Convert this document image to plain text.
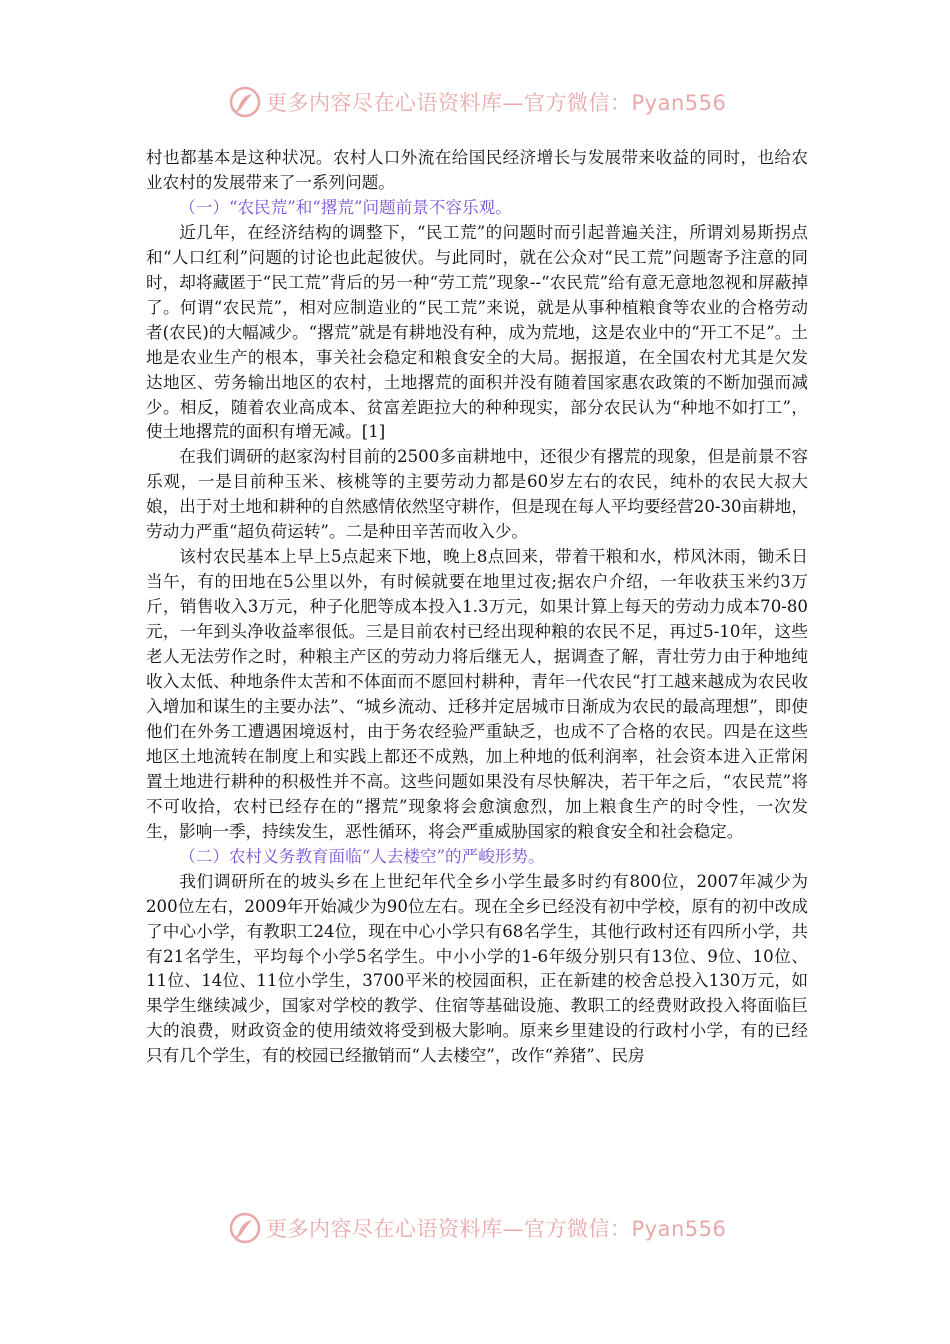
更多内容尽在心语资料库—官方微信：Pyan556

村也都基本是这种状况。农村人口外流在给国民经济增长与发展带来收益的同时，也给农业农村的发展带来了一系列问题。

（一）“农民荒”和“撂荒”问题前景不容乐观。

近几年，在经济结构的调整下，“民工荒”的问题时而引起普遍关注，所谓刘易斯拐点和“人口红利”问题的讨论也此起彼伏。与此同时，就在公众对“民工荒”问题寄予注意的同时，却将藏匿于“民工荒”背后的另一种“劳工荒”现象--“农民荒”给有意无意地忽视和屏蔽掉了。何谓“农民荒”，相对应制造业的“民工荒”来说，就是从事种植粮食等农业的合格劳动者(农民)的大幅减少。“撂荒”就是有耕地没有种，成为荒地，这是农业中的“开工不足”。土地是农业生产的根本，事关社会稳定和粮食安全的大局。据报道，在全国农村尤其是欠发达地区、劳务输出地区的农村，土地撂荒的面积并没有随着国家惠农政策的不断加强而减少。相反，随着农业高成本、贫富差距拉大的种种现实，部分农民认为“种地不如打工”，使土地撂荒的面积有增无减。[1]

在我们调研的赵家沟村目前的2500多亩耕地中，还很少有撂荒的现象，但是前景不容乐观，一是目前种玉米、核桃等的主要劳动力都是60岁左右的农民，纯朴的农民大叔大娘，出于对土地和耕种的自然感情依然坚守耕作，但是现在每人平均要经营20-30亩耕地，劳动力严重“超负荷运转”。二是种田辛苦而收入少。

该村农民基本上早上5点起来下地，晚上8点回来，带着干粮和水，栉风沐雨，锄禾日当午，有的田地在5公里以外，有时候就要在地里过夜;据农户介绍，一年收获玉米约3万斤，销售收入3万元，种子化肥等成本投入1.3万元，如果计算上每天的劳动力成本70-80元，一年到头净收益率很低。三是目前农村已经出现种粮的农民不足，再过5-10年，这些老人无法劳作之时，种粮主产区的劳动力将后继无人，据调查了解，青壮劳力由于种地纯收入太低、种地条件太苦和不体面而不愿回村耕种，青年一代农民“打工越来越成为农民收入增加和谋生的主要办法”、“城乡流动、迁移并定居城市日渐成为农民的最高理想”，即使他们在外务工遭遇困境返村，由于务农经验严重缺乏，也成不了合格的农民。四是在这些地区土地流转在制度上和实践上都还不成熟，加上种地的低利润率，社会资本进入正常闲置土地进行耕种的积极性并不高。这些问题如果没有尽快解决，若干年之后，“农民荒”将不可收拾，农村已经存在的“撂荒”现象将会愈演愈烈，加上粮食生产的时令性，一次发生，影响一季，持续发生，恶性循环，将会严重威胁国家的粮食安全和社会稳定。

（二）农村义务教育面临“人去楼空”的严峻形势。

我们调研所在的坡头乡在上世纪年代全乡小学生最多时约有800位，2007年减少为200位左右，2009年开始减少为90位左右。现在全乡已经没有初中学校，原有的初中改成了中心小学，有教职工24位，现在中心小学只有68名学生，其他行政村还有四所小学，共有21名学生，平均每个小学5名学生。中小小学的1-6年级分别只有13位、9位、10位、11位、14位、11位小学生，3700平米的校园面积，正在新建的校舍总投入130万元，如果学生继续减少，国家对学校的教学、住宿等基础设施、教职工的经费财政投入将面临巨大的浪费，财政资金的使用绩效将受到极大影响。原来乡里建设的行政村小学，有的已经只有几个学生，有的校园已经撤销而“人去楼空”，改作“养猪”、民房

更多内容尽在心语资料库—官方微信：Pyan556
